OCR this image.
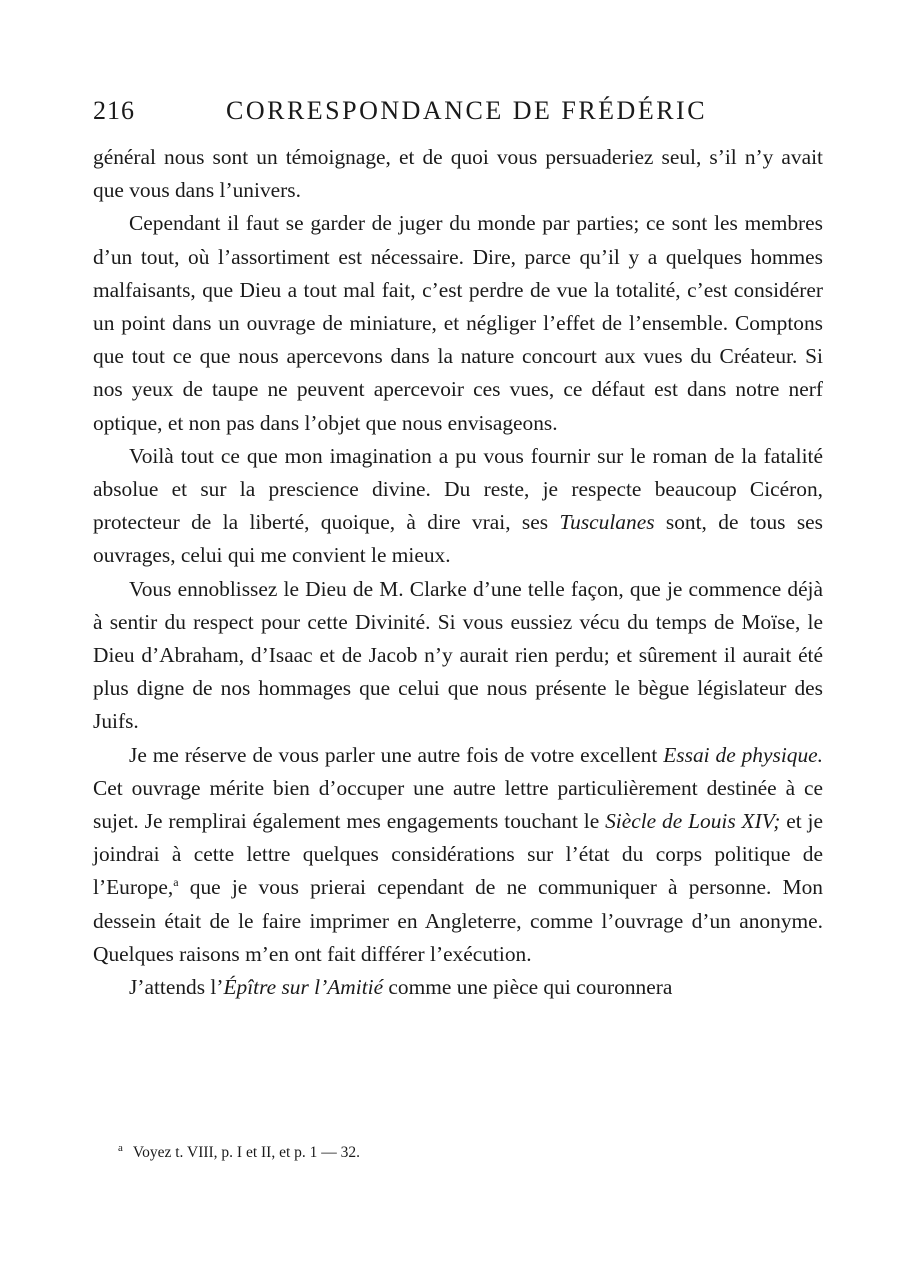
216	CORRESPONDANCE DE FRÉDÉRIC

général nous sont un témoignage, et de quoi vous persuaderiez seul, s’il n’y avait que vous dans l’univers.

Cependant il faut se garder de juger du monde par parties; ce sont les membres d’un tout, où l’assortiment est nécessaire. Dire, parce qu’il y a quelques hommes malfaisants, que Dieu a tout mal fait, c’est perdre de vue la totalité, c’est considérer un point dans un ouvrage de miniature, et négliger l’effet de l’ensemble. Comptons que tout ce que nous apercevons dans la nature concourt aux vues du Créateur. Si nos yeux de taupe ne peuvent apercevoir ces vues, ce défaut est dans notre nerf optique, et non pas dans l’objet que nous envisageons.

Voilà tout ce que mon imagination a pu vous fournir sur le roman de la fatalité absolue et sur la prescience divine. Du reste, je respecte beaucoup Cicéron, protecteur de la liberté, quoique, à dire vrai, ses Tusculanes sont, de tous ses ouvrages, celui qui me convient le mieux.

Vous ennoblissez le Dieu de M. Clarke d’une telle façon, que je commence déjà à sentir du respect pour cette Divinité. Si vous eussiez vécu du temps de Moïse, le Dieu d’Abraham, d’Isaac et de Jacob n’y aurait rien perdu; et sûrement il aurait été plus digne de nos hommages que celui que nous présente le bègue législateur des Juifs.

Je me réserve de vous parler une autre fois de votre excellent Essai de physique. Cet ouvrage mérite bien d’occuper une autre lettre particulièrement destinée à ce sujet. Je remplirai également mes engagements touchant le Siècle de Louis XIV; et je joindrai à cette lettre quelques considérations sur l’état du corps politique de l’Europe,$^a$ que je vous prierai cependant de ne communiquer à personne. Mon dessein était de le faire imprimer en Angleterre, comme l’ouvrage d’un anonyme. Quelques raisons m’en ont fait différer l’exécution.

J’attends l’Épître sur l’Amitié comme une pièce qui couronnera

$^a$ Voyez t. VIII, p. I et II, et p. 1 — 32.
